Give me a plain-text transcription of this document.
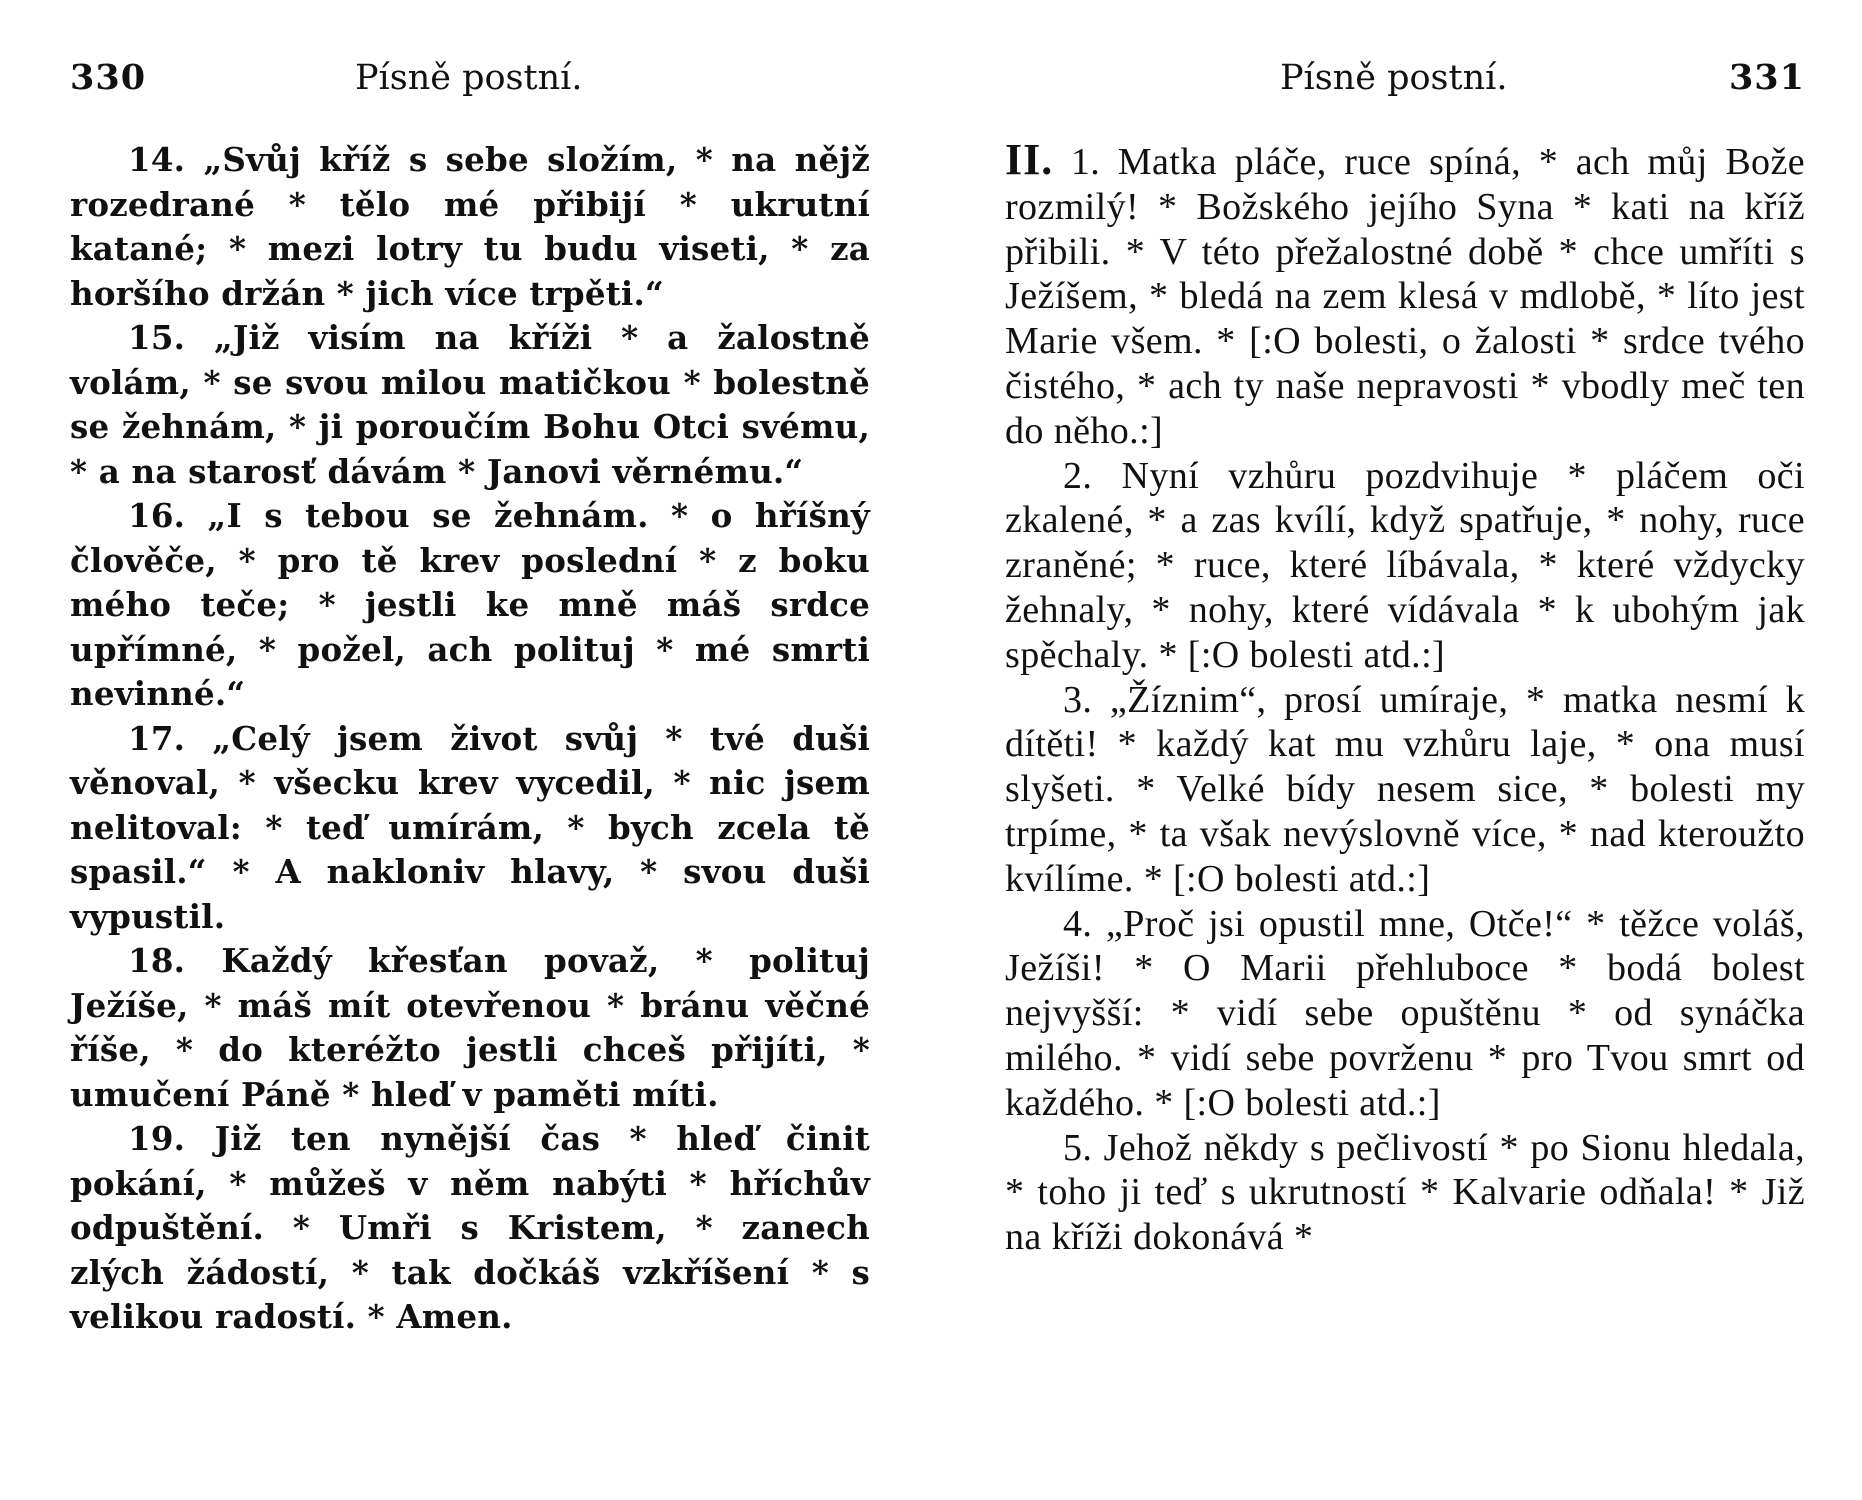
330	Písně postní.

14. „Svůj kříž s sebe složím, * na nějž rozedrané * tělo mé přibijí * ukrutní katané; * mezi lotry tu budu viseti, * za horšího držán * jich více trpěti.“

15. „Již visím na kříži * a žalostně volám, * se svou milou matičkou * bolestně se žehnám, * ji poroučím Bohu Otci svému, * a na starosť dávám * Janovi věrnému.“

16. „I s tebou se žehnám. * o hříšný člověče, * pro tě krev poslední * z boku mého teče; * jestli ke mně máš srdce upřímné, * požel, ach polituj * mé smrti nevinné.“

17. „Celý jsem život svůj * tvé duši věnoval, * všecku krev vycedil, * nic jsem nelitoval: * teď umírám, * bych zcela tě spasil.“ * A nakloniv hlavy, * svou duši vypustil.

18. Každý křesťan považ, * polituj Ježíše, * máš mít otevřenou * bránu věčné říše, * do kteréžto jestli chceš přijíti, * umučení Páně * hleď v paměti míti.

19. Již ten nynější čas * hleď činit pokání, * můžeš v něm nabýti * hříchův odpuštění. * Umři s Kristem, * zanech zlých žádostí, * tak dočkáš vzkříšení * s velikou radostí. * Amen.

Písně postní.	331

II. 1. Matka pláče, ruce spíná, * ach můj Bože rozmilý! * Božského jejího Syna * kati na kříž přibili. * V této přežalostné době * chce umříti s Ježíšem, * bledá na zem klesá v mdlobě, * líto jest Marie všem. * [:O bolesti, o žalosti * srdce tvého čistého, * ach ty naše nepravosti * vbodly meč ten do něho.:]

2. Nyní vzhůru pozdvihuje * pláčem oči zkalené, * a zas kvílí, když spatřuje, * nohy, ruce zraněné; * ruce, které líbávala, * které vždycky žehnaly, * nohy, které vídávala * k ubohým jak spěchaly. * [:O bolesti atd.:]

3. „Žíznim“, prosí umíraje, * matka nesmí k dítěti! * každý kat mu vzhůru laje, * ona musí slyšeti. * Velké bídy nesem sice, * bolesti my trpíme, * ta však nevýslovně více, * nad kteroužto kvílíme. * [:O bolesti atd.:]

4. „Proč jsi opustil mne, Otče!“ * těžce voláš, Ježíši! * O Marii přehluboce * bodá bolest nejvyšší: * vidí sebe opuštěnu * od synáčka milého. * vidí sebe povrženu * pro Tvou smrt od každého. * [:O bolesti atd.:]

5. Jehož někdy s pečlivostí * po Sionu hledala, * toho ji teď s ukrutností * Kalvarie odňala! * Již na kříži dokonává *
